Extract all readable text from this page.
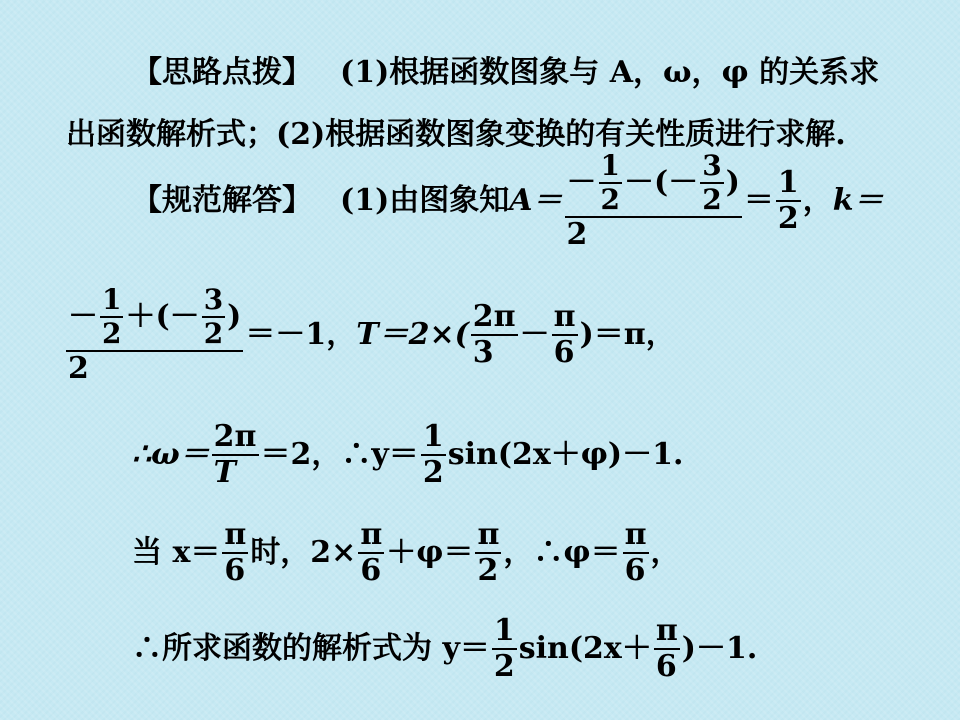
【思路点拨】 (1)根据函数图象与 A，ω，φ 的关系求
出函数解析式；(2)根据函数图象变换的有关性质进行求解.
【规范解答】 (1)由图象知 A＝
－ $\frac{1}{2}$ －(－ $\frac{3}{2}$ )
2
＝ $\frac{1}{2}$ ， k＝
－ $\frac{1}{2}$ ＋(－ $\frac{3}{2}$ )
2
＝－1， $T=2\times( \frac{2\pi}{3} - \frac{\pi}{6} )=\pi$，
∴ω＝ $\frac{2\pi}{T} =2$，∴y＝ $\frac{1}{2} \sin(2x+\varphi)-1$.
当 $x= \frac{\pi}{6}$ 时，$2\times \frac{\pi}{6} +\varphi= \frac{\pi}{2}$ ，∴φ＝ $\frac{\pi}{6}$ ，
∴所求函数的解析式为 $y= \frac{1}{2} \sin(2x+ \frac{\pi}{6} )-1$.
